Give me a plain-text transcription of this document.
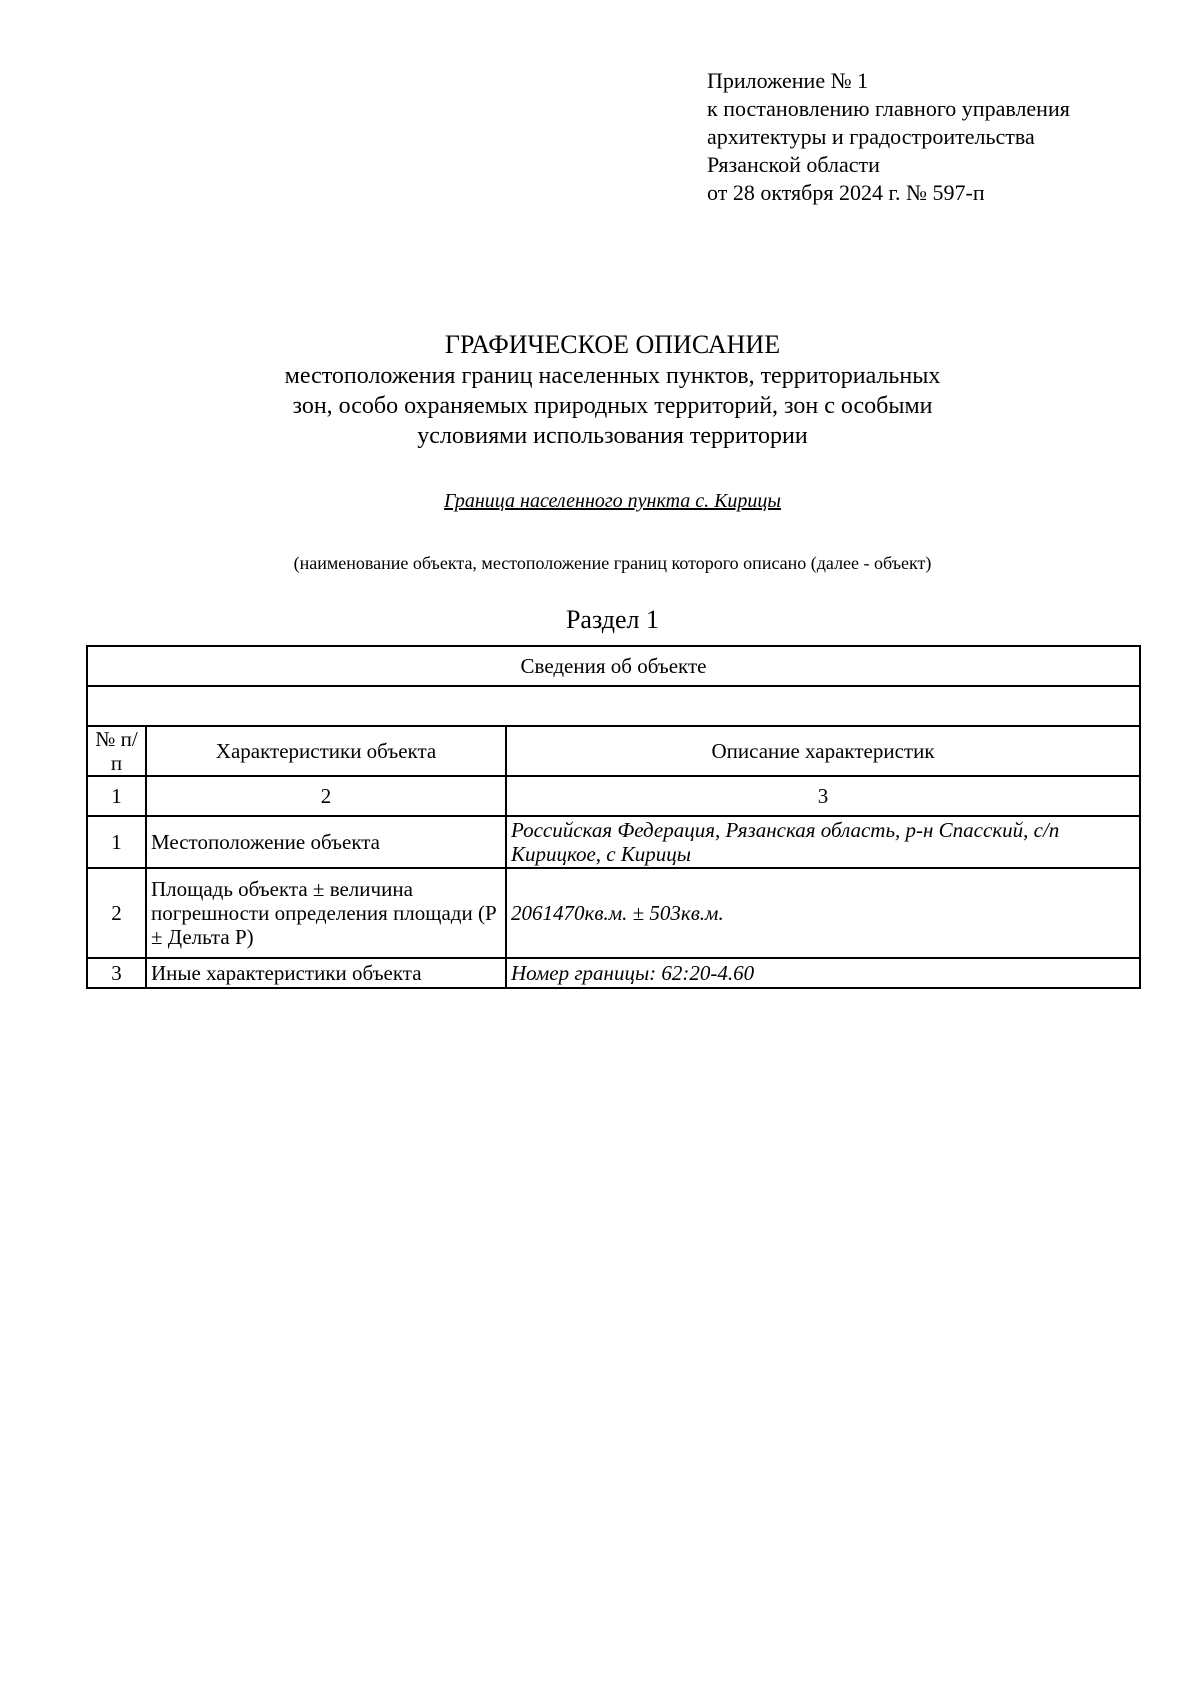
Приложение № 1
к постановлению главного управления
архитектуры и градостроительства
Рязанской области
от 28 октября 2024 г. № 597-п
ГРАФИЧЕСКОЕ ОПИСАНИЕ
местоположения границ населенных пунктов, территориальных
зон, особо охраняемых природных территорий, зон с особыми
условиями использования территории
Граница населенного пункта с. Кирицы
(наименование объекта, местоположение границ которого описано (далее - объект)
Раздел 1
Сведения об объекте		

№ п/п	Характеристики объекта	Описание характеристик
1	2	3
1	Местоположение объекта	Российская Федерация, Рязанская область, р-н Спасский, с/п Кирицкое, с Кирицы
2	Площадь объекта ± величина погрешности определения площади (Р ± Дельта Р)	2061470кв.м. ± 503кв.м.
3	Иные характеристики объекта	Номер границы: 62:20-4.60
